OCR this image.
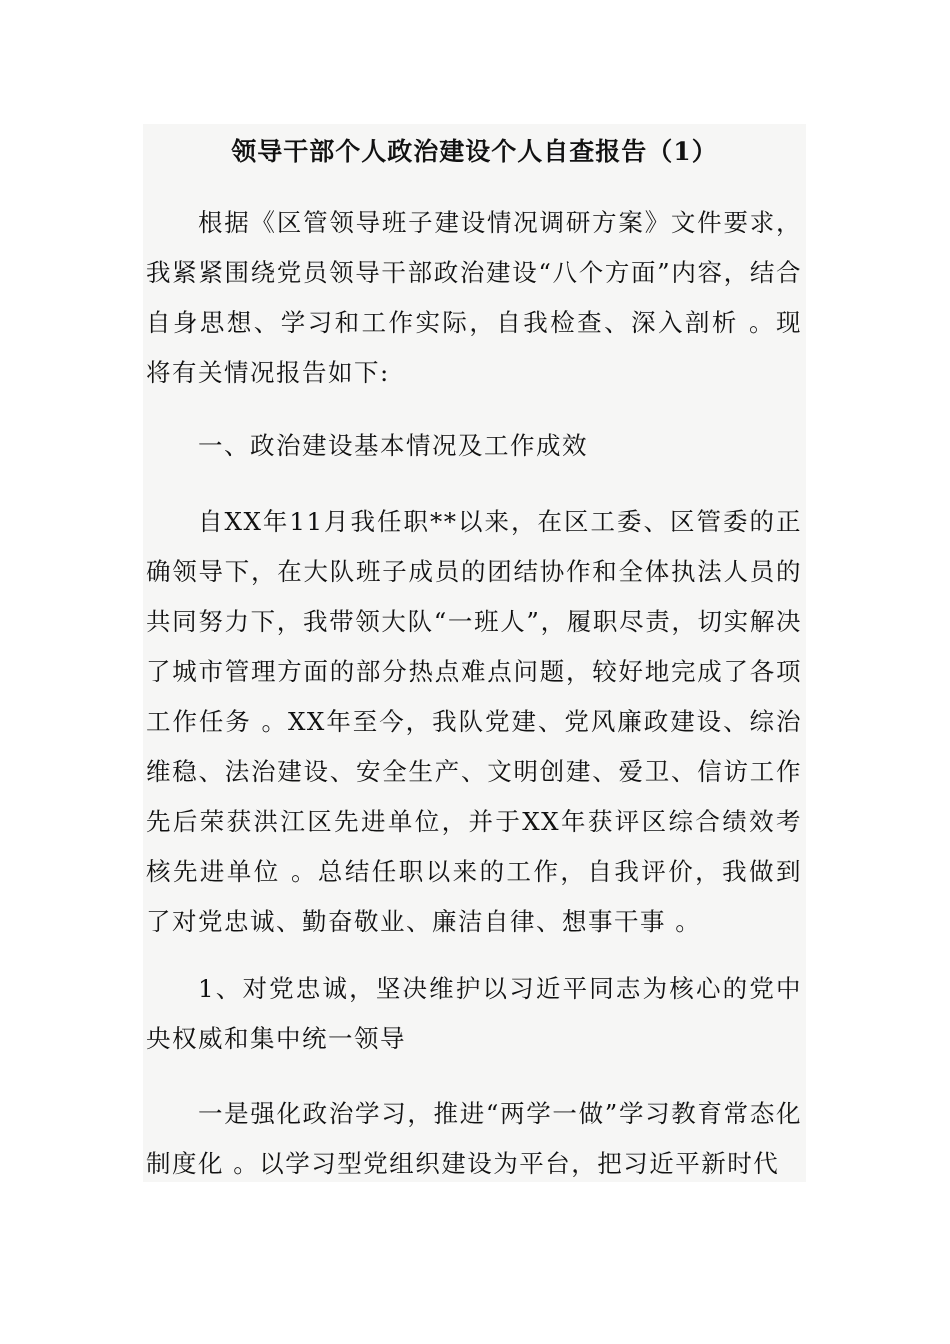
领导干部个人政治建设个人自查报告（1）

根据《区管领导班子建设情况调研方案》文件要求，我紧紧围绕党员领导干部政治建设“八个方面”内容，结合自身思想、学习和工作实际，自我检查、深入剖析 。现将有关情况报告如下:

一、政治建设基本情况及工作成效

自XX年11月我任职**以来，在区工委、区管委的正确领导下，在大队班子成员的团结协作和全体执法人员的共同努力下，我带领大队“一班人”，履职尽责，切实解决了城市管理方面的部分热点难点问题，较好地完成了各项工作任务 。XX年至今，我队党建、党风廉政建设、综治维稳、法治建设、安全生产、文明创建、爱卫、信访工作先后荣获洪江区先进单位，并于XX年获评区综合绩效考核先进单位 。总结任职以来的工作，自我评价，我做到了对党忠诚、勤奋敬业、廉洁自律、想事干事 。

1、对党忠诚，坚决维护以习近平同志为核心的党中央权威和集中统一领导

一是强化政治学习，推进“两学一做”学习教育常态化制度化 。以学习型党组织建设为平台，把习近平新时代
